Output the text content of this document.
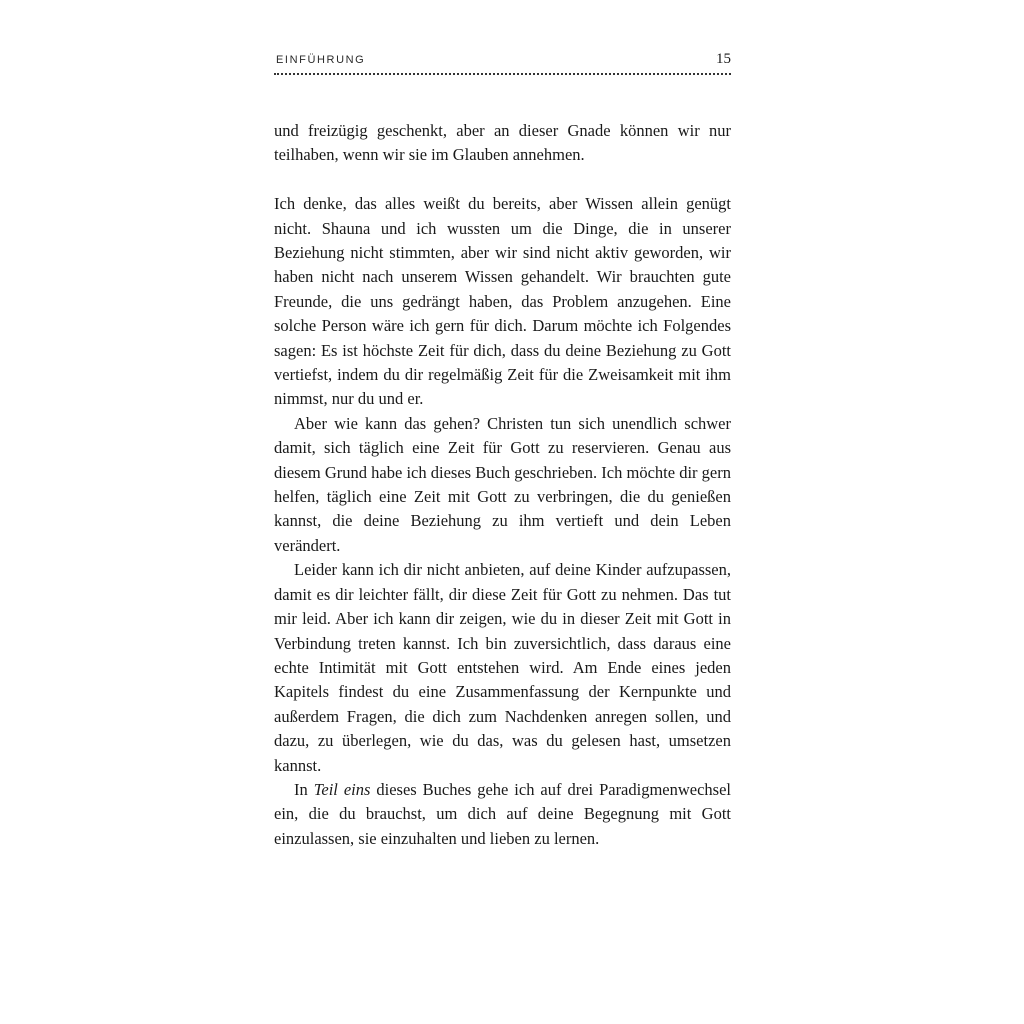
EINFÜHRUNG	15

und freizügig geschenkt, aber an dieser Gnade können wir nur teilhaben, wenn wir sie im Glauben annehmen.

Ich denke, das alles weißt du bereits, aber Wissen allein genügt nicht. Shauna und ich wussten um die Dinge, die in unserer Beziehung nicht stimmten, aber wir sind nicht aktiv geworden, wir haben nicht nach unserem Wissen gehandelt. Wir brauchten gute Freunde, die uns gedrängt haben, das Problem anzugehen. Eine solche Person wäre ich gern für dich. Darum möchte ich Folgendes sagen: Es ist höchste Zeit für dich, dass du deine Beziehung zu Gott vertiefst, indem du dir regelmäßig Zeit für die Zweisamkeit mit ihm nimmst, nur du und er.

Aber wie kann das gehen? Christen tun sich unendlich schwer damit, sich täglich eine Zeit für Gott zu reservieren. Genau aus diesem Grund habe ich dieses Buch geschrieben. Ich möchte dir gern helfen, täglich eine Zeit mit Gott zu verbringen, die du genießen kannst, die deine Beziehung zu ihm vertieft und dein Leben verändert.

Leider kann ich dir nicht anbieten, auf deine Kinder aufzupassen, damit es dir leichter fällt, dir diese Zeit für Gott zu nehmen. Das tut mir leid. Aber ich kann dir zeigen, wie du in dieser Zeit mit Gott in Verbindung treten kannst. Ich bin zuversichtlich, dass daraus eine echte Intimität mit Gott entstehen wird. Am Ende eines jeden Kapitels findest du eine Zusammenfassung der Kernpunkte und außerdem Fragen, die dich zum Nachdenken anregen sollen, und dazu, zu überlegen, wie du das, was du gelesen hast, umsetzen kannst.

In Teil eins dieses Buches gehe ich auf drei Paradigmenwechsel ein, die du brauchst, um dich auf deine Begegnung mit Gott einzulassen, sie einzuhalten und lieben zu lernen.
